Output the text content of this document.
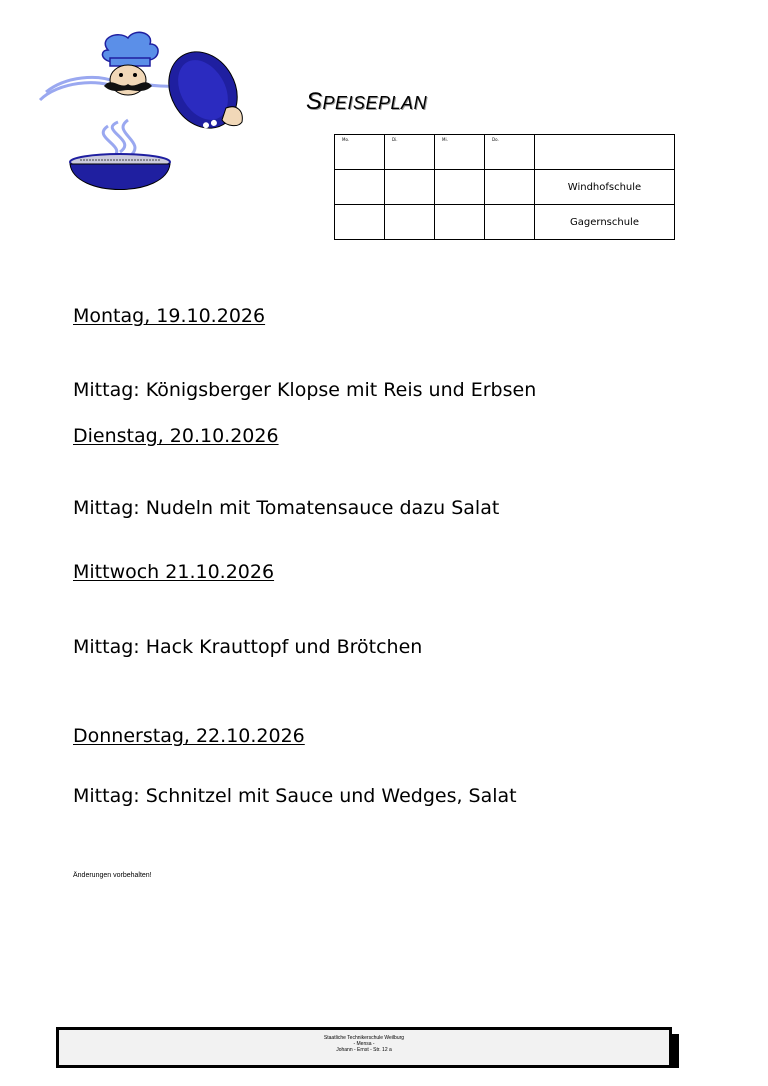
SPEISEPLAN
Mo.	Di.	Mi.	Do.	

				Windhofschule
				Gagernschule
Montag, 19.10.2026
Mittag: Königsberger Klopse mit Reis und Erbsen
Dienstag, 20.10.2026
Mittag: Nudeln mit Tomatensauce dazu Salat
Mittwoch 21.10.2026
Mittag: Hack Krauttopf und Brötchen
Donnerstag, 22.10.2026
Mittag: Schnitzel mit Sauce und Wedges, Salat
Änderungen vorbehalten!
Staatliche Technikerschule Weilburg
- Mensa -
Johann - Ernst - Str. 12 a
